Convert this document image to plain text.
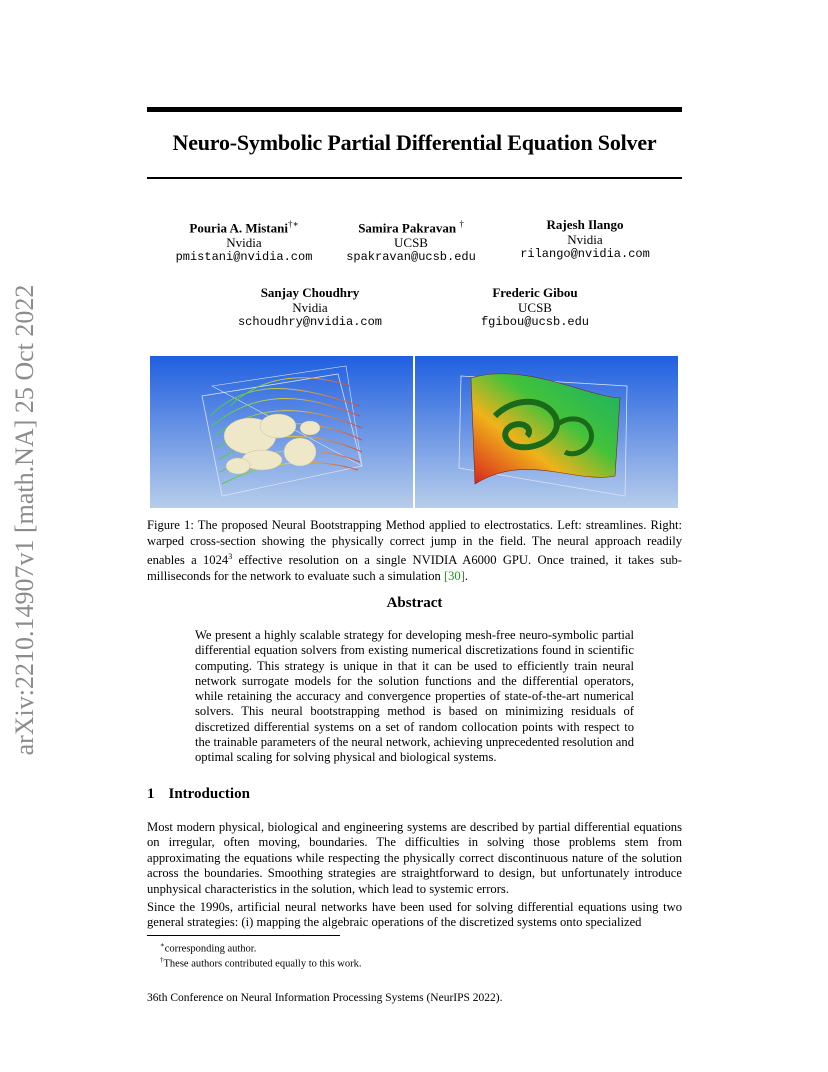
arXiv:2210.14907v1 [math.NA] 25 Oct 2022
Neuro-Symbolic Partial Differential Equation Solver
Pouria A. Mistani†∗
Nvidia
pmistani@nvidia.com
Samira Pakravan †
UCSB
spakravan@ucsb.edu
Rajesh Ilango
Nvidia
rilango@nvidia.com
Sanjay Choudhry
Nvidia
schoudhry@nvidia.com
Frederic Gibou
UCSB
fgibou@ucsb.edu
Figure 1: The proposed Neural Bootstrapping Method applied to electrostatics. Left: streamlines. Right: warped cross-section showing the physically correct jump in the field. The neural approach readily enables a 1024$^3$ effective resolution on a single NVIDIA A6000 GPU. Once trained, it takes sub-milliseconds for the network to evaluate such a simulation [30].
Abstract
We present a highly scalable strategy for developing mesh-free neuro-symbolic partial differential equation solvers from existing numerical discretizations found in scientific computing. This strategy is unique in that it can be used to efficiently train neural network surrogate models for the solution functions and the differential operators, while retaining the accuracy and convergence properties of state-of-the-art numerical solvers. This neural bootstrapping method is based on minimizing residuals of discretized differential systems on a set of random collocation points with respect to the trainable parameters of the neural network, achieving unprecedented resolution and optimal scaling for solving physical and biological systems.
1 Introduction
Most modern physical, biological and engineering systems are described by partial differential equations on irregular, often moving, boundaries. The difficulties in solving those problems stem from approximating the equations while respecting the physically correct discontinuous nature of the solution across the boundaries. Smoothing strategies are straightforward to design, but unfortunately introduce unphysical characteristics in the solution, which lead to systemic errors.
Since the 1990s, artificial neural networks have been used for solving differential equations using two general strategies: (i) mapping the algebraic operations of the discretized systems onto specialized
∗corresponding author.
†These authors contributed equally to this work.
36th Conference on Neural Information Processing Systems (NeurIPS 2022).
